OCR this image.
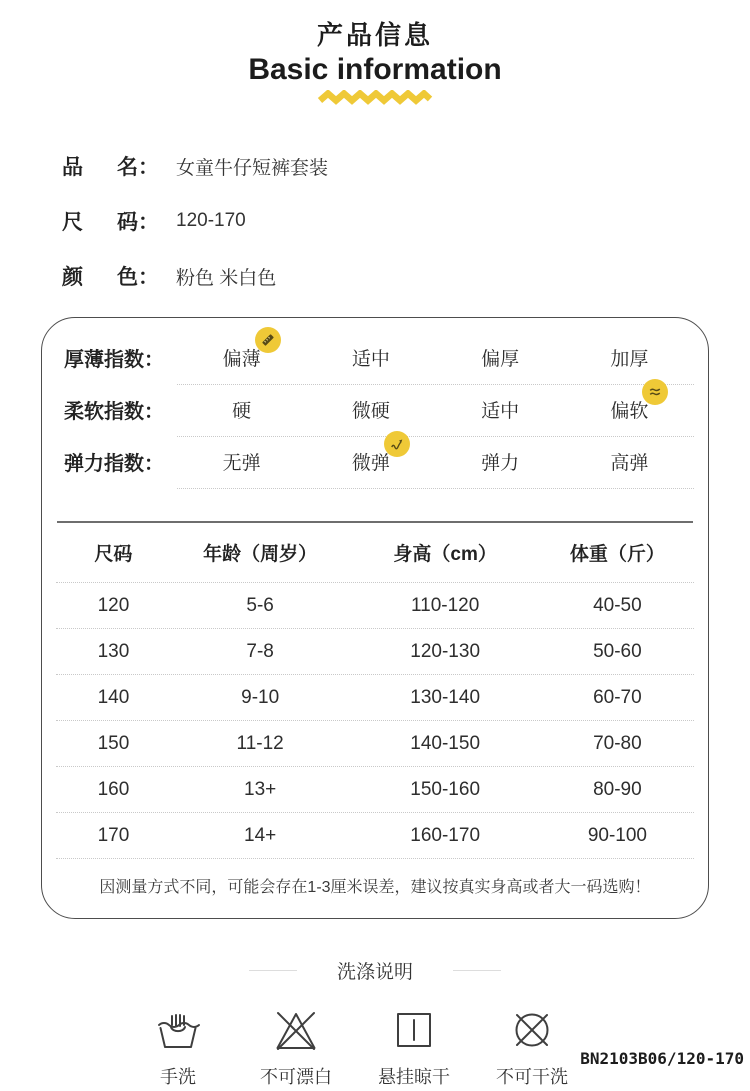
产品信息
Basic information
品 名： 女童牛仔短裤套装
尺 码： 120-170
颜 色： 粉色 米白色
厚薄指数：	偏薄	适中	偏厚	加厚
柔软指数：	硬	微硬	适中	偏软
弹力指数：	无弹	微弹	弹力	高弹
尺码	年龄（周岁）	身高（cm）	体重（斤）
120	5-6	110-120	40-50
130	7-8	120-130	50-60
140	9-10	130-140	60-70
150	11-12	140-150	70-80
160	13+	150-160	80-90
170	14+	160-170	90-100
因测量方式不同，可能会存在1-3厘米误差，建议按真实身高或者大一码选购！
洗涤说明
手洗	不可漂白	悬挂晾干	不可干洗
BN2103B06/120-170
